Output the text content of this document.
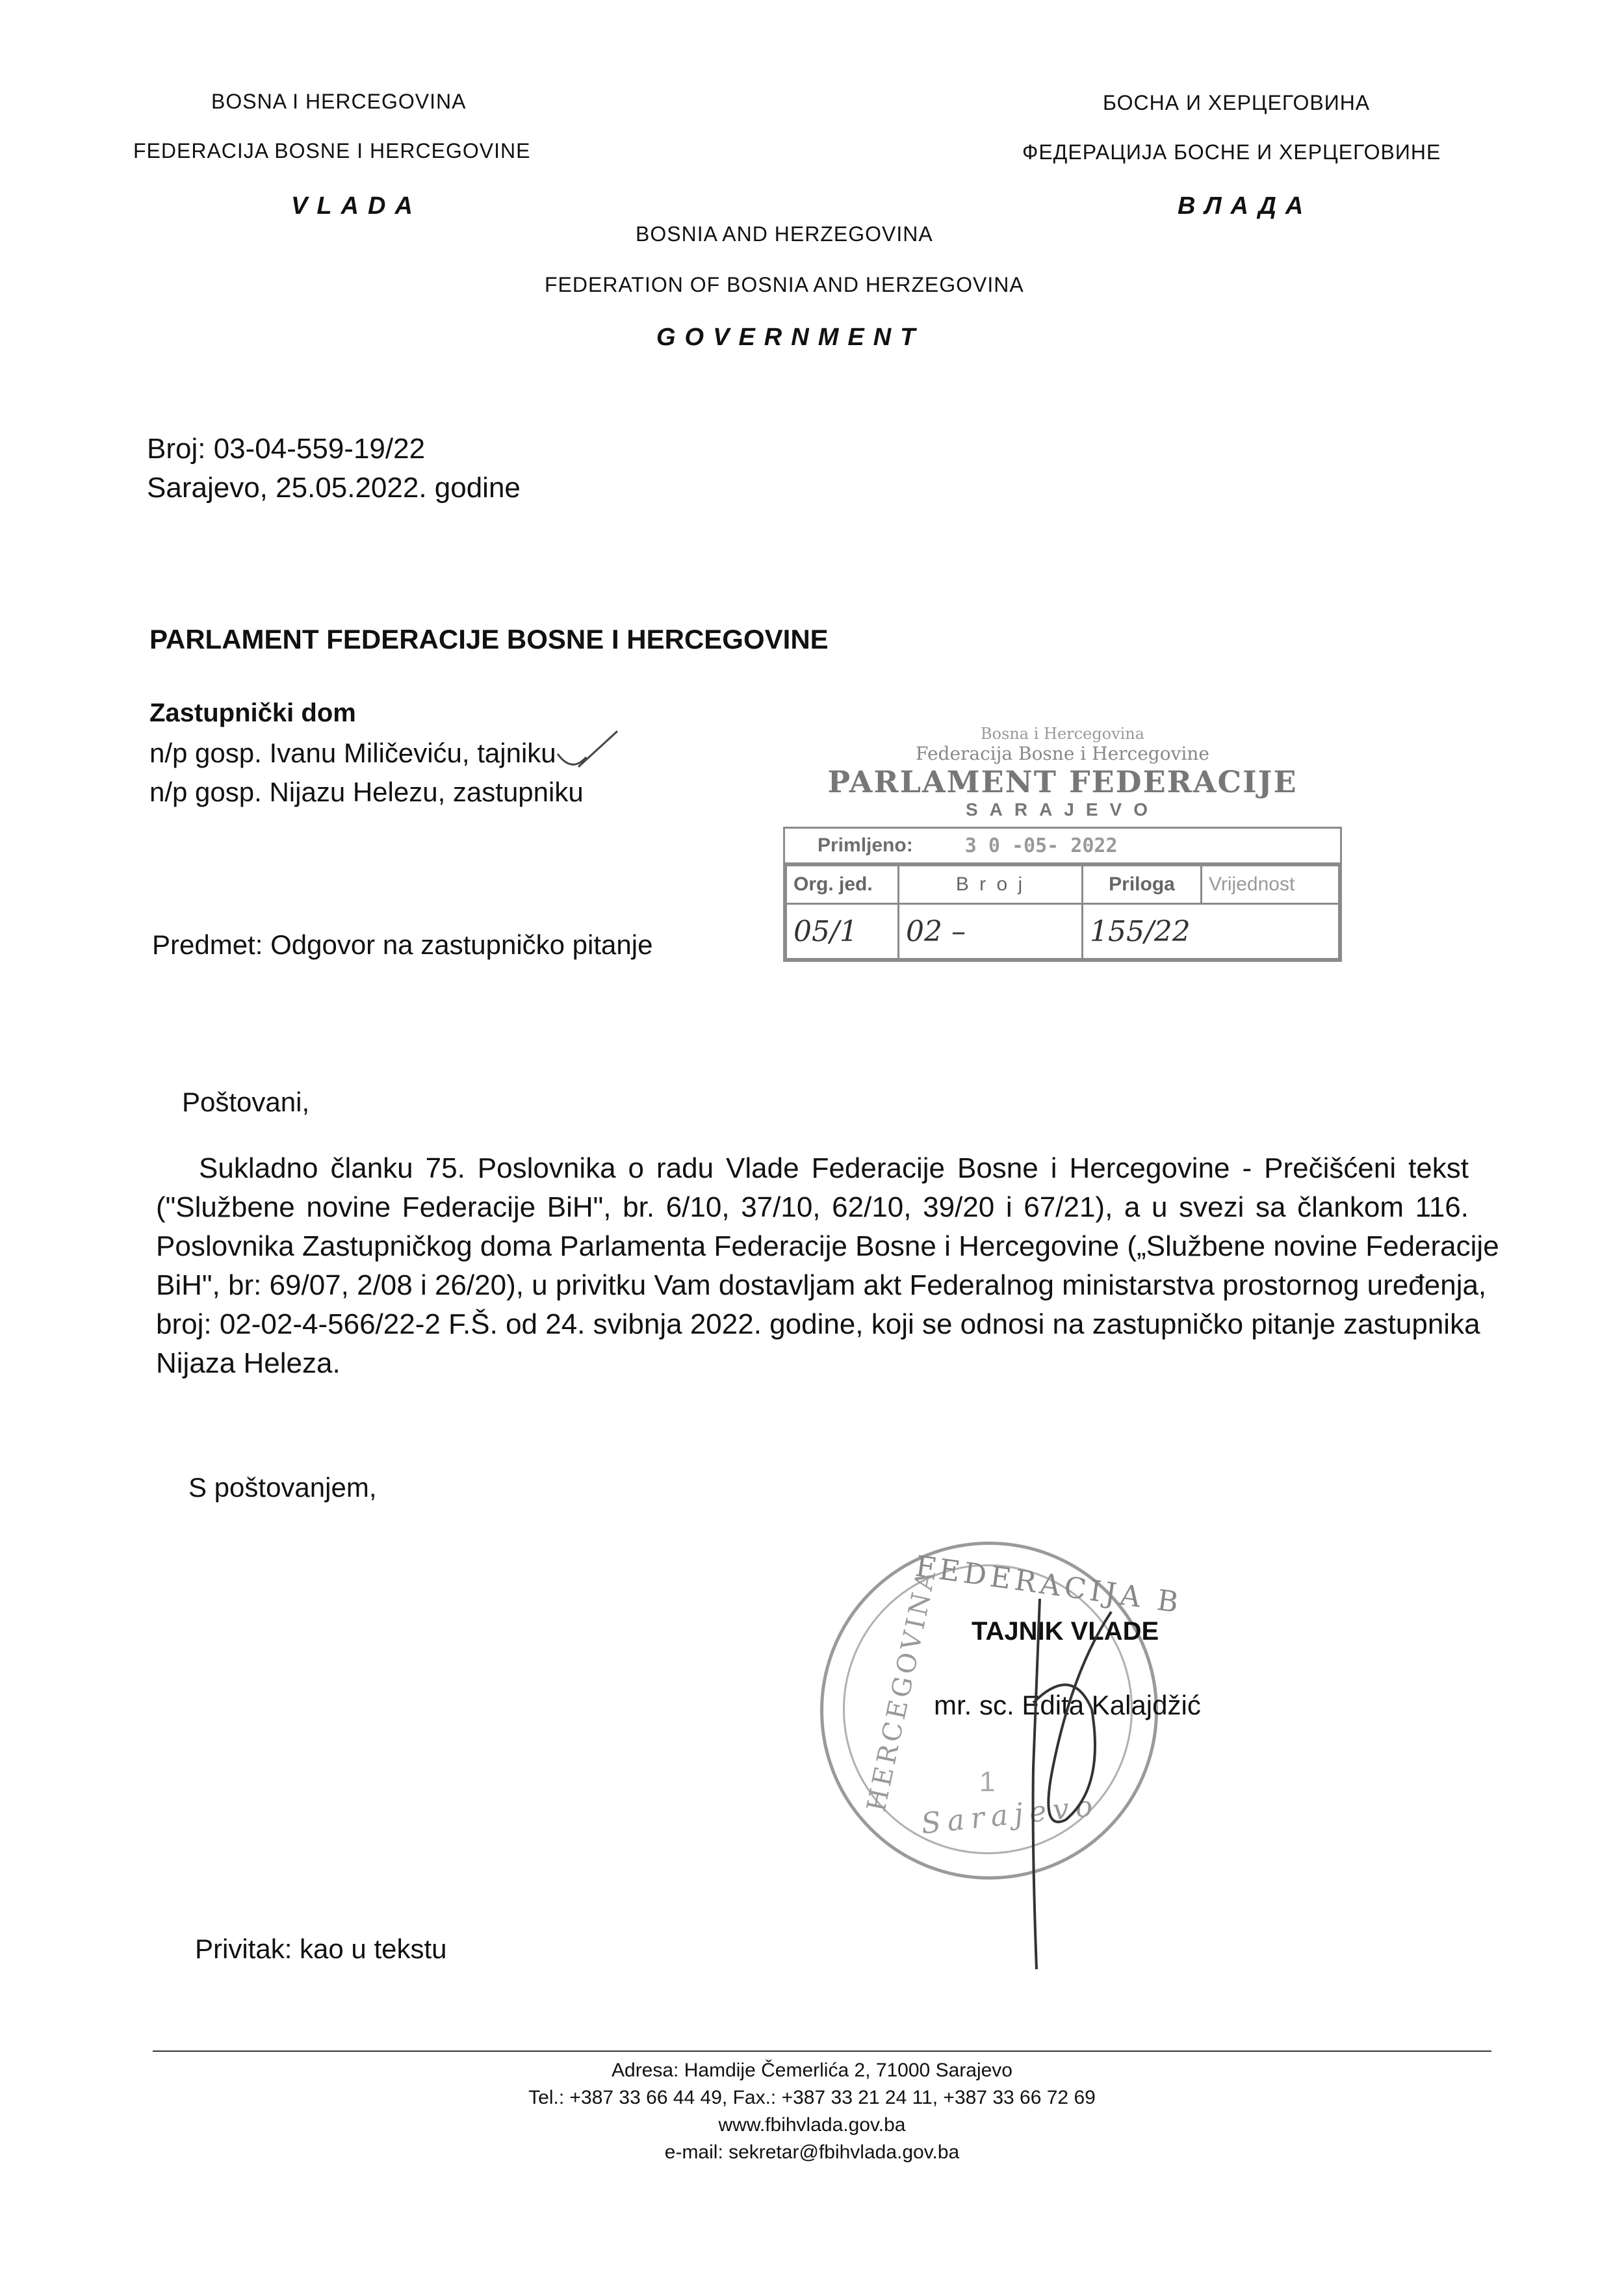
BOSNA I HERCEGOVINA
FEDERACIJA BOSNE I HERCEGOVINE
VLADA
БОСНА И ХЕРЦЕГОВИНА
ФЕДЕРАЦИЈА БОСНЕ И ХЕРЦЕГОВИНЕ
ВЛАДА
BOSNIA AND HERZEGOVINA
FEDERATION OF BOSNIA AND HERZEGOVINA
GOVERNMENT
Broj: 03-04-559-19/22
Sarajevo, 25.05.2022. godine
PARLAMENT FEDERACIJE BOSNE I HERCEGOVINE
Zastupnički dom
n/p gosp. Ivanu Miličeviću, tajniku
n/p gosp. Nijazu Helezu, zastupniku
Bosna i Hercegovina
Federacija Bosne i Hercegovine
PARLAMENT FEDERACIJE
SARAJEVO
Primljeno:	3 0 -05- 2022
Org. jed.	B r o j	Priloga	Vrijednost
05/1	02 –	155/22	
Predmet: Odgovor na zastupničko pitanje
Poštovani,
Sukladno članku 75. Poslovnika o radu Vlade Federacije Bosne i Hercegovine - Prečišćeni tekst
("Službene novine Federacije BiH", br. 6/10, 37/10, 62/10, 39/20 i 67/21), a u svezi sa člankom 116.
Poslovnika Zastupničkog doma Parlamenta Federacije Bosne i Hercegovine („Službene novine Federacije
BiH", br: 69/07, 2/08 i 26/20), u privitku Vam dostavljam akt Federalnog ministarstva prostornog uređenja,
broj: 02-02-4-566/22-2 F.Š. od 24. svibnja 2022. godine, koji se odnosi na zastupničko pitanje zastupnika
Nijaza Heleza.
S poštovanjem,
FEDERACIJA B
HERCEGOVINA
Sarajevo
1
TAJNIK VLADE
mr. sc. Edita Kalajdžić
Privitak: kao u tekstu
Adresa: Hamdije Čemerlića 2, 71000 Sarajevo
Tel.: +387 33 66 44 49, Fax.: +387 33 21 24 11, +387 33 66 72 69
www.fbihvlada.gov.ba
e-mail: sekretar@fbihvlada.gov.ba
